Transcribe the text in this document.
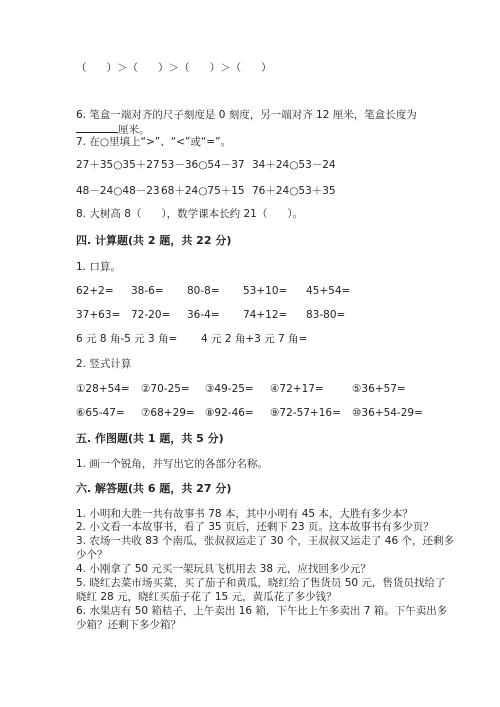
（      ）＞（      ）＞（      ）＞（      ）
6. 笔盒一端对齐的尺子刻度是 0 刻度，另一端对齐 12 厘米，笔盒长度为
厘米。
7. 在○里填上“>”、“<”或“=”。
27＋35○35＋27 53－36○54－37 34＋24○53－24
48－24○48－23 68＋24○75＋15 76＋24○53＋35
8. 大树高 8（      ），数学课本长约 21（      ）。
四. 计算题(共 2 题，共 22 分)
1. 口算。
62+2= 38-6= 80-8= 53+10= 45+54=
37+63= 72-20= 36-4= 74+12= 83-80=
6 元 8 角-5 元 3 角= 4 元 2 角+3 元 7 角=
2. 竖式计算
①28+54= ②70-25= ③49-25= ④72+17=	⑤36+57=
⑥65-47= ⑦68+29= ⑧92-46= ⑨72-57+16= ⑩36+54-29=
五. 作图题(共 1 题，共 5 分)
1. 画一个锐角，并写出它的各部分名称。
六. 解答题(共 6 题，共 27 分)
1. 小明和大胜一共有故事书 78 本，其中小明有 45 本，大胜有多少本？
2. 小文看一本故事书，看了 35 页后，还剩下 23 页。这本故事书有多少页？
3. 农场一共收 83 个南瓜，张叔叔运走了 30 个，王叔叔又运走了 46 个，还剩多
少个？
4. 小刚拿了 50 元买一架玩具飞机用去 38 元，应找回多少元？
5. 晓红去菜市场买菜，买了茄子和黄瓜，晓红给了售货员 50 元，售货员找给了
晓红 28 元，晓红买茄子花了 15 元，黄瓜花了多少钱？
6. 水果店有 50 箱桔子，上午卖出 16 箱，下午比上午多卖出 7 箱。下午卖出多
少箱？还剩下多少箱？
